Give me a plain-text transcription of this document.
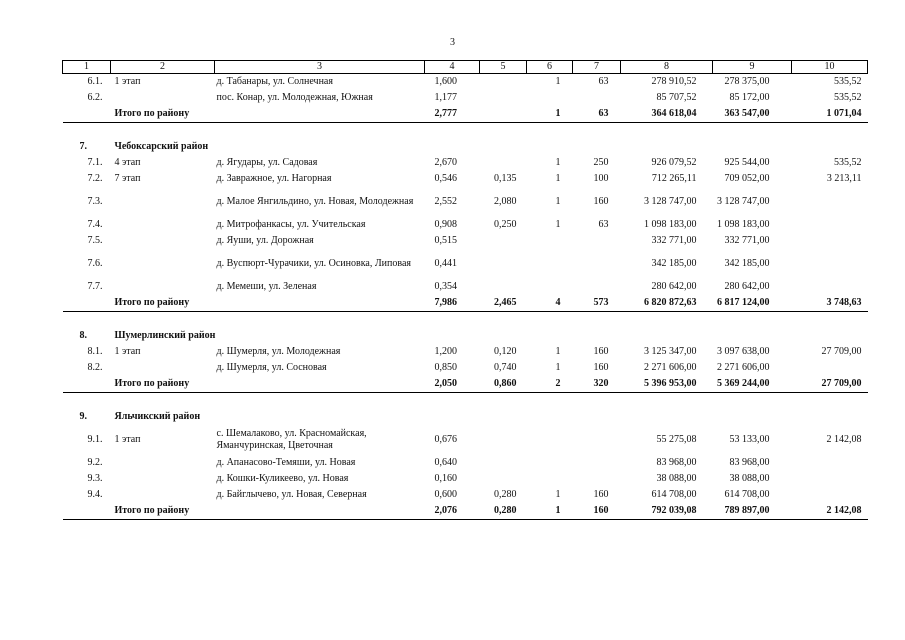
3
1	2	3	4	5	6	7	8	9	10
6.1.	1 этап	д. Табанары, ул. Солнечная	1,600		1	63	278 910,52	278 375,00	535,52
6.2.		пос. Конар, ул. Молодежная, Южная	1,177				85 707,52	85 172,00	535,52
	Итого по району		2,777		1	63	364 618,04	363 547,00	1 071,04

7.	Чебоксарский район								
7.1.	4 этап	д. Ягудары, ул. Садовая	2,670		1	250	926 079,52	925 544,00	535,52
7.2.	7 этап	д. Завражное, ул. Нагорная	0,546	0,135	1	100	712 265,11	709 052,00	3 213,11
7.3.		д. Малое Янгильдино, ул. Новая, Молодежная	2,552	2,080	1	160	3 128 747,00	3 128 747,00	
7.4.		д. Митрофанкасы, ул. Учительская	0,908	0,250	1	63	1 098 183,00	1 098 183,00	
7.5.		д. Яуши, ул. Дорожная	0,515				332 771,00	332 771,00	
7.6.		д. Вуспюрт-Чурачики, ул. Осиновка, Липовая	0,441				342 185,00	342 185,00	
7.7.		д. Мемеши, ул. Зеленая	0,354				280 642,00	280 642,00	
	Итого по району		7,986	2,465	4	573	6 820 872,63	6 817 124,00	3 748,63

8.	Шумерлинский район								
8.1.	1 этап	д. Шумерля, ул. Молодежная	1,200	0,120	1	160	3 125 347,00	3 097 638,00	27 709,00
8.2.		д. Шумерля, ул. Сосновая	0,850	0,740	1	160	2 271 606,00	2 271 606,00	
	Итого по району		2,050	0,860	2	320	5 396 953,00	5 369 244,00	27 709,00

9.	Яльчикский район								
9.1.	1 этап	с. Шемалаково, ул. Красномайская, Яманчуринская, Цветочная	0,676				55 275,08	53 133,00	2 142,08
9.2.		д. Апанасово-Темяши, ул. Новая	0,640				83 968,00	83 968,00	
9.3.		д. Кошки-Куликеево, ул. Новая	0,160				38 088,00	38 088,00	
9.4.		д. Байглычево, ул. Новая, Северная	0,600	0,280	1	160	614 708,00	614 708,00	
	Итого по району		2,076	0,280	1	160	792 039,08	789 897,00	2 142,08
